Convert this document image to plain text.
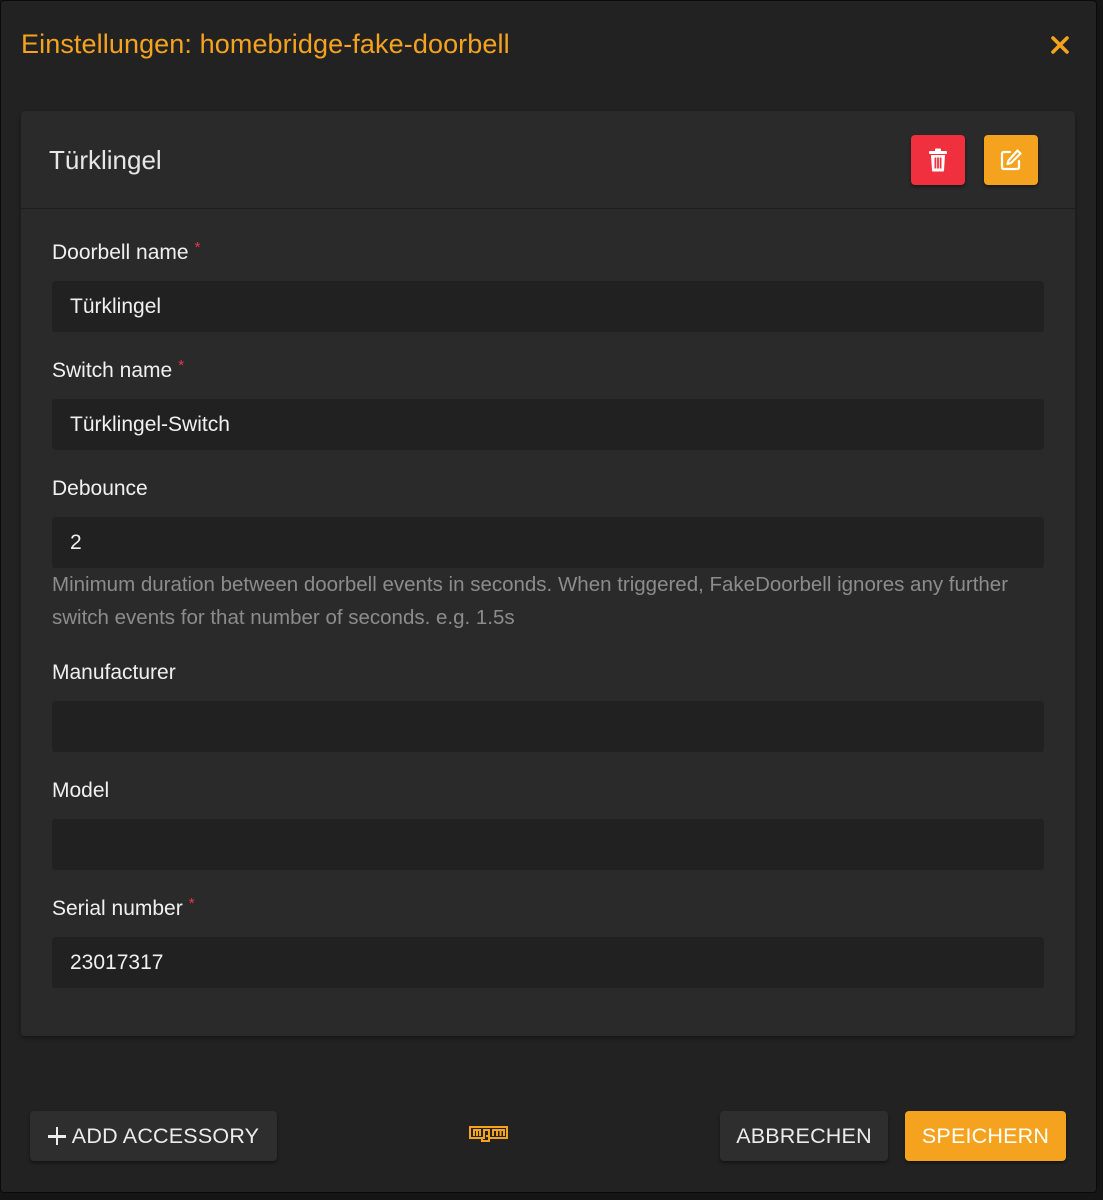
Einstellungen: homebridge-fake-doorbell
Türklingel
Doorbell name *
Türklingel
Switch name *
Türklingel-Switch
Debounce
2
Minimum duration between doorbell events in seconds. When triggered, FakeDoorbell ignores any further switch events for that number of seconds. e.g. 1.5s
Manufacturer
Model
Serial number *
23017317
ADD ACCESSORY	ABBRECHEN SPEICHERN
